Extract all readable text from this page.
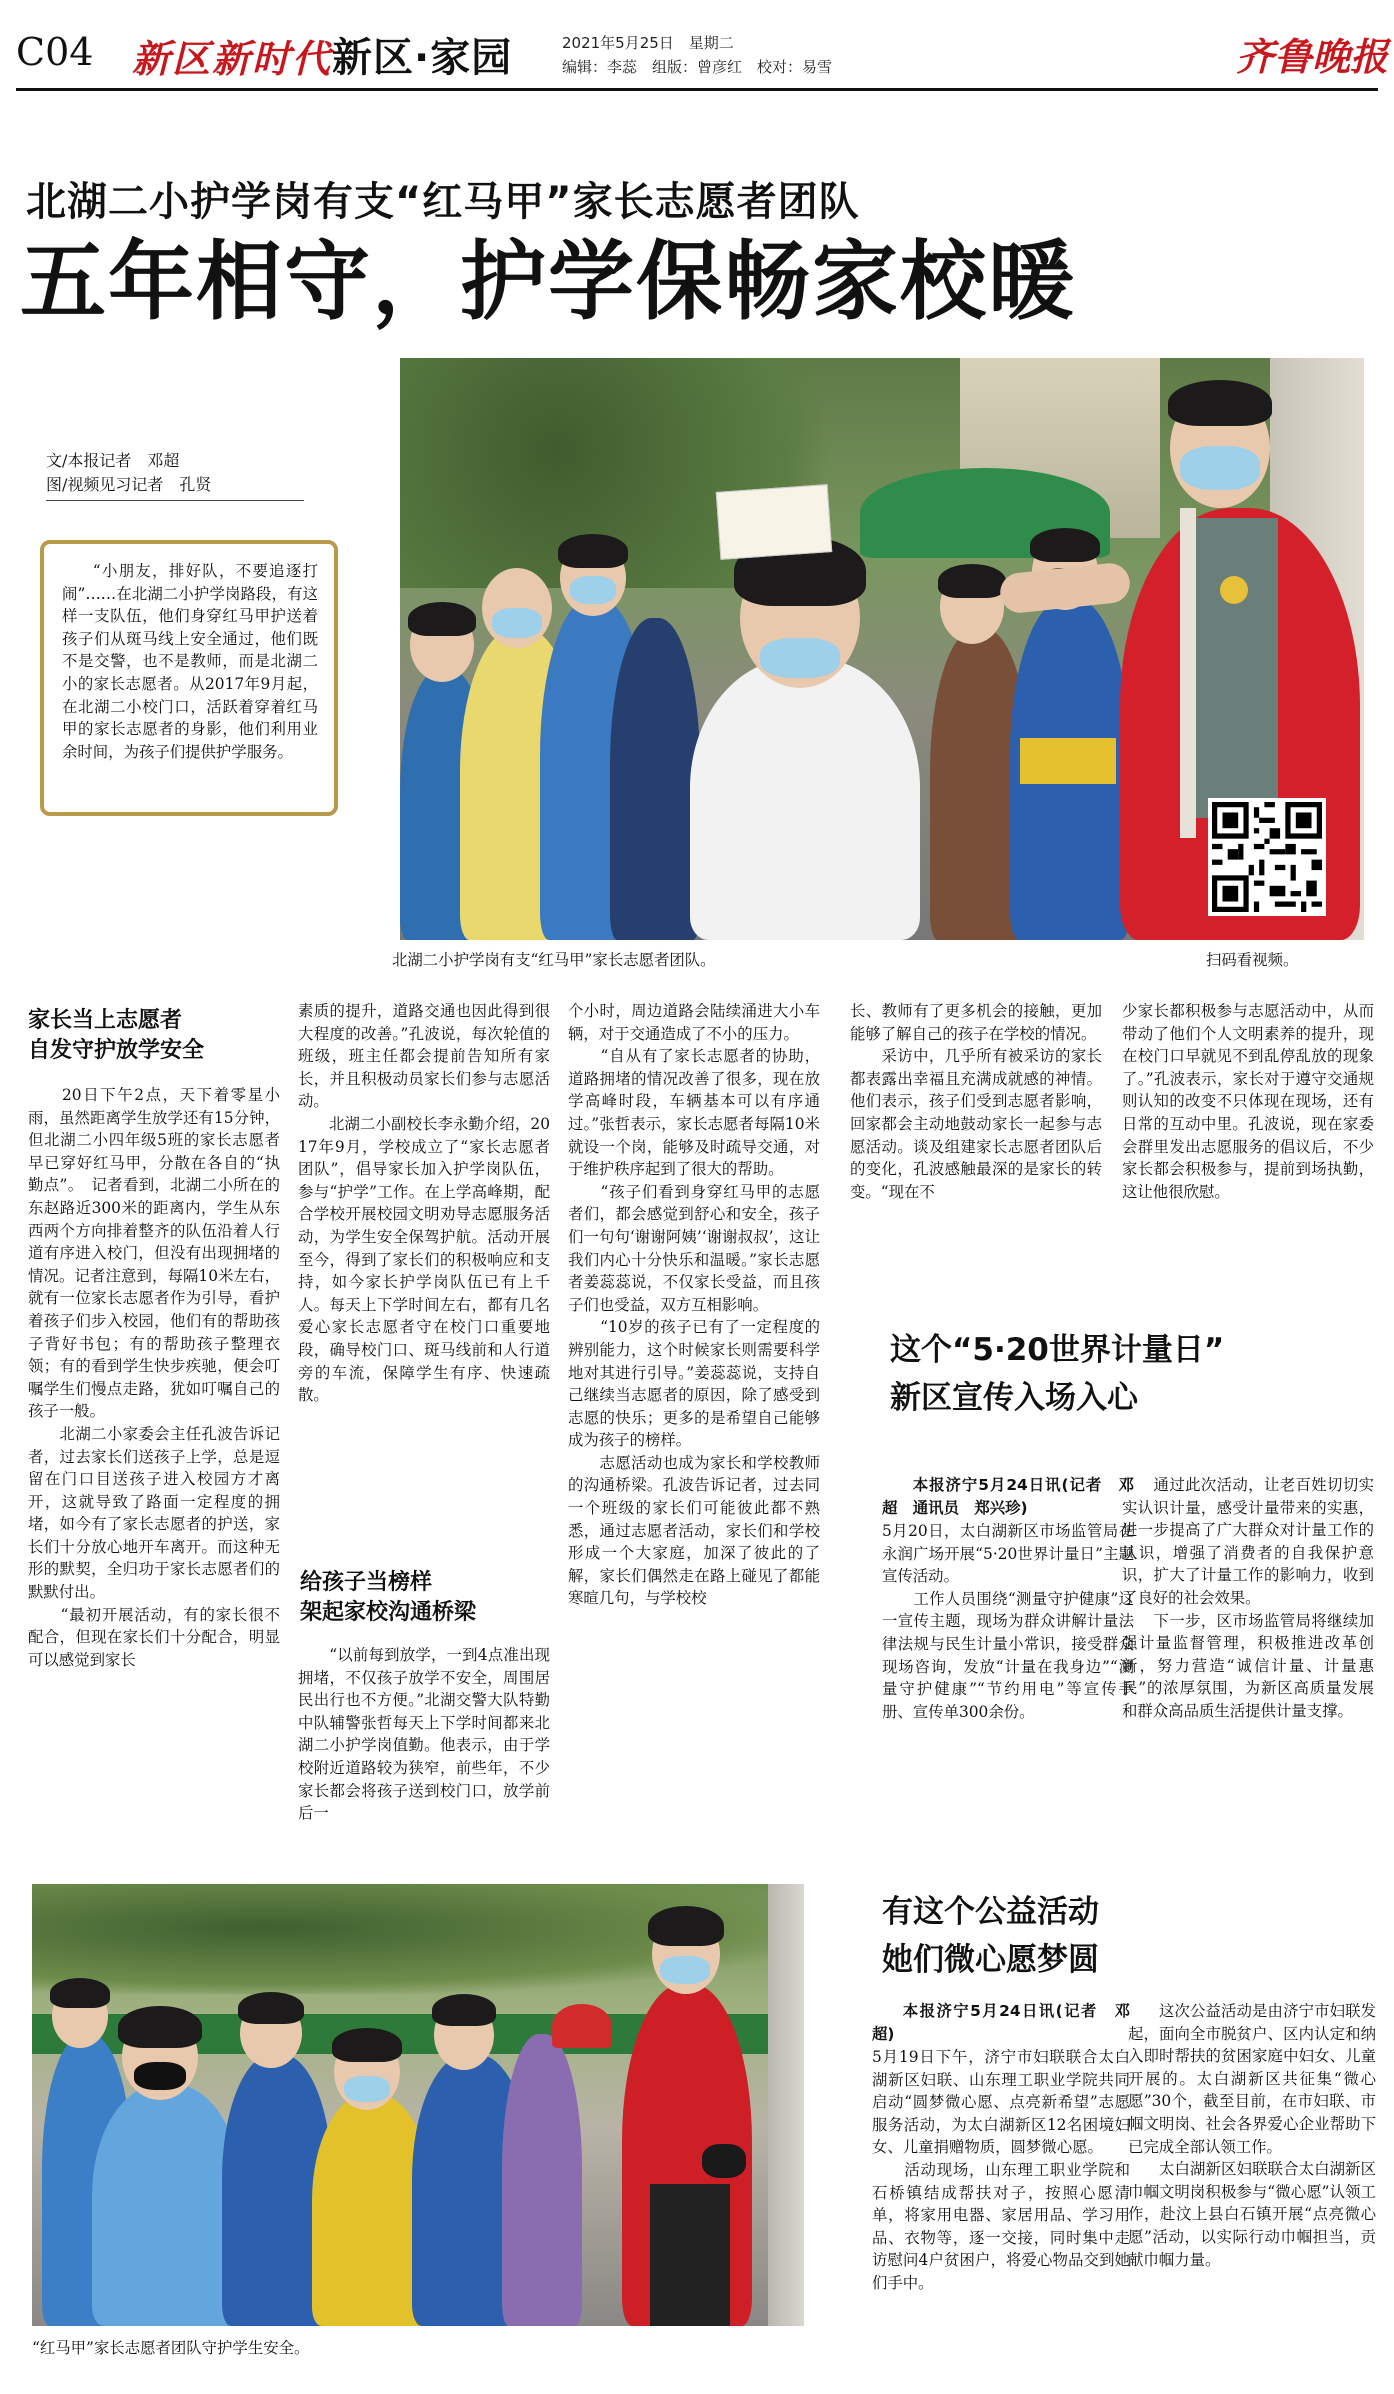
C04 新区新时代 新区·家园	2021年5月25日　星期二
编辑：李蕊　组版：曾彦红　校对：易雪	齐鲁晚报
北湖二小护学岗有支“红马甲”家长志愿者团队
五年相守，护学保畅家校暖
文/本报记者　邓超
图/视频见习记者　孔贤
“小朋友，排好队，不要追逐打闹”……在北湖二小护学岗路段，有这样一支队伍，他们身穿红马甲护送着孩子们从斑马线上安全通过，他们既不是交警，也不是教师，而是北湖二小的家长志愿者。从2017年9月起，在北湖二小校门口，活跃着穿着红马甲的家长志愿者的身影，他们利用业余时间，为孩子们提供护学服务。
北湖二小护学岗有支“红马甲”家长志愿者团队。	扫码看视频。
家长当上志愿者
自发守护放学安全
　　20日下午2点，天下着零星小雨，虽然距离学生放学还有15分钟，但北湖二小四年级5班的家长志愿者早已穿好红马甲，分散在各自的“执勤点”。　记者看到，北湖二小所在的东赵路近300米的距离内，学生从东西两个方向排着整齐的队伍沿着人行道有序进入校门，但没有出现拥堵的情况。记者注意到，每隔10米左右，就有一位家长志愿者作为引导，看护着孩子们步入校园，他们有的帮助孩子背好书包；有的帮助孩子整理衣领；有的看到学生快步疾驰，便会叮嘱学生们慢点走路，犹如叮嘱自己的孩子一般。
　　北湖二小家委会主任孔波告诉记者，过去家长们送孩子上学，总是逗留在门口目送孩子进入校园方才离开，这就导致了路面一定程度的拥堵，如今有了家长志愿者的护送，家长们十分放心地开车离开。而这种无形的默契，全归功于家长志愿者们的默默付出。
　　“最初开展活动，有的家长很不配合，但现在家长们十分配合，明显可以感觉到家长
素质的提升，道路交通也因此得到很大程度的改善。”孔波说，每次轮值的班级，班主任都会提前告知所有家长，并且积极动员家长们参与志愿活动。
　　北湖二小副校长李永勤介绍，2017年9月，学校成立了“家长志愿者团队”，倡导家长加入护学岗队伍，参与“护学”工作。在上学高峰期，配合学校开展校园文明劝导志愿服务活动，为学生安全保驾护航。活动开展至今，得到了家长们的积极响应和支持，如今家长护学岗队伍已有上千人。每天上下学时间左右，都有几名爱心家长志愿者守在校门口重要地段，确导校门口、斑马线前和人行道旁的车流，保障学生有序、快速疏散。
给孩子当榜样
架起家校沟通桥梁
　　“以前每到放学，一到4点准出现拥堵，不仅孩子放学不安全，周围居民出行也不方便。”北湖交警大队特勤中队辅警张哲每天上下学时间都来北湖二小护学岗值勤。他表示，由于学校附近道路较为狭窄，前些年，不少家长都会将孩子送到校门口，放学前后一
个小时，周边道路会陆续涌进大小车辆，对于交通造成了不小的压力。
　　“自从有了家长志愿者的协助，道路拥堵的情况改善了很多，现在放学高峰时段，车辆基本可以有序通过。”张哲表示，家长志愿者每隔10米就设一个岗，能够及时疏导交通，对于维护秩序起到了很大的帮助。
　　“孩子们看到身穿红马甲的志愿者们，都会感觉到舒心和安全，孩子们一句句‘谢谢阿姨’‘谢谢叔叔’，这让我们内心十分快乐和温暖。”家长志愿者姜蕊蕊说，不仅家长受益，而且孩子们也受益，双方互相影响。
　　“10岁的孩子已有了一定程度的辨别能力，这个时候家长则需要科学地对其进行引导。”姜蕊蕊说，支持自己继续当志愿者的原因，除了感受到志愿的快乐；更多的是希望自己能够成为孩子的榜样。
　　志愿活动也成为家长和学校教师的沟通桥梁。孔波告诉记者，过去同一个班级的家长们可能彼此都不熟悉，通过志愿者活动，家长们和学校形成一个大家庭，加深了彼此的了解，家长们偶然走在路上碰见了都能寒暄几句，与学校校
长、教师有了更多机会的接触，更加能够了解自己的孩子在学校的情况。
　　采访中，几乎所有被采访的家长都表露出幸福且充满成就感的神情。他们表示，孩子们受到志愿者影响，回家都会主动地鼓动家长一起参与志愿活动。谈及组建家长志愿者团队后的变化，孔波感触最深的是家长的转变。“现在不
少家长都积极参与志愿活动中，从而带动了他们个人文明素养的提升，现在校门口早就见不到乱停乱放的现象了。”孔波表示，家长对于遵守交通规则认知的改变不只体现在现场，还有日常的互动中里。孔波说，现在家委会群里发出志愿服务的倡议后，不少家长都会积极参与，提前到场执勤，这让他很欣慰。
这个“5·20世界计量日”
新区宣传入场入心
本报济宁5月24日讯(记者　邓超　通讯员　郑兴珍)
5月20日，太白湖新区市场监管局在永润广场开展“5·20世界计量日”主题宣传活动。
　　工作人员围绕“测量守护健康”这一宣传主题，现场为群众讲解计量法律法规与民生计量小常识，接受群众现场咨询，发放“计量在我身边”“测量守护健康”“节约用电”等宣传手册、宣传单300余份。
　　通过此次活动，让老百姓切切实实认识计量，感受计量带来的实惠，进一步提高了广大群众对计量工作的认识，增强了消费者的自我保护意识，扩大了计量工作的影响力，收到了良好的社会效果。
　　下一步，区市场监管局将继续加强计量监督管理，积极推进改革创新，努力营造“诚信计量、计量惠民”的浓厚氛围，为新区高质量发展和群众高品质生活提供计量支撑。
“红马甲”家长志愿者团队守护学生安全。
有这个公益活动
她们微心愿梦圆
本报济宁5月24日讯(记者　邓超)
5月19日下午，济宁市妇联联合太白湖新区妇联、山东理工职业学院共同启动“圆梦微心愿、点亮新希望”志愿服务活动，为太白湖新区12名困境妇女、儿童捐赠物质，圆梦微心愿。
　　活动现场，山东理工职业学院和石桥镇结成帮扶对子，按照心愿清单，将家用电器、家居用品、学习用品、衣物等，逐一交接，同时集中走访慰问4户贫困户，将爱心物品交到她们手中。
　　这次公益活动是由济宁市妇联发起，面向全市脱贫户、区内认定和纳入即时帮扶的贫困家庭中妇女、儿童开展的。太白湖新区共征集“微心愿”30个，截至目前，在市妇联、市帼文明岗、社会各界爱心企业帮助下已完成全部认领工作。
　　太白湖新区妇联联合太白湖新区巾帼文明岗积极参与“微心愿”认领工作，赴汶上县白石镇开展“点亮微心愿”活动，以实际行动巾帼担当，贡献巾帼力量。
